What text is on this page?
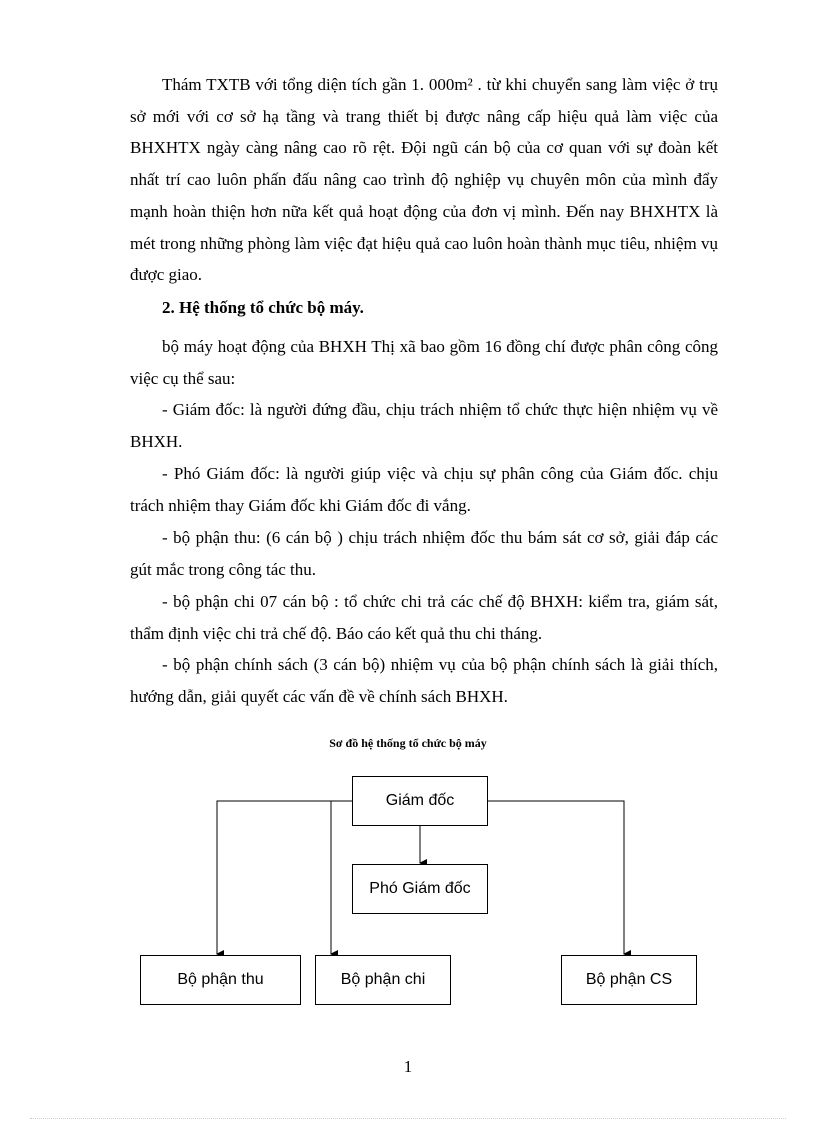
Thám TXTB với tổng diện tích gần 1. 000m² . từ khi chuyển sang làm việc ở trụ sở mới với cơ sở hạ tầng và trang thiết bị được nâng cấp hiệu quả làm việc của BHXHTX ngày càng nâng cao rõ rệt. Đội ngũ cán bộ của cơ quan với sự đoàn kết nhất trí cao luôn phấn đấu nâng cao trình độ nghiệp vụ chuyên môn của mình đẩy mạnh hoàn thiện hơn nữa kết quả hoạt động của đơn vị mình. Đến nay BHXHTX là mét trong những phòng làm việc đạt hiệu quả cao luôn hoàn thành mục tiêu, nhiệm vụ được giao.

2. Hệ thống tổ chức bộ máy.

bộ máy hoạt động của BHXH Thị xã bao gồm 16 đồng chí được phân công công việc cụ thể sau:

- Giám đốc: là người đứng đầu, chịu trách nhiệm tổ chức thực hiện nhiệm vụ về BHXH.

- Phó Giám đốc: là người giúp việc và chịu sự phân công của Giám đốc. chịu trách nhiệm thay Giám đốc khi Giám đốc đi vắng.

- bộ phận thu: (6 cán bộ ) chịu trách nhiệm đốc thu bám sát cơ sở, giải đáp các gút mắc trong công tác thu.

- bộ phận chi 07 cán bộ : tổ chức chi trả các chế độ BHXH: kiểm tra, giám sát, thẩm định việc chi trả chế độ. Báo cáo kết quả thu chi tháng.

- bộ phận chính sách (3 cán bộ) nhiệm vụ của bộ phận chính sách là giải thích, hướng dẫn, giải quyết các vấn đề về chính sách BHXH.

Sơ đồ hệ thống tổ chức bộ máy
Giám đốc
Phó Giám đốc
Bộ phận thu	Bộ phận chi	Bộ phận CS
1
